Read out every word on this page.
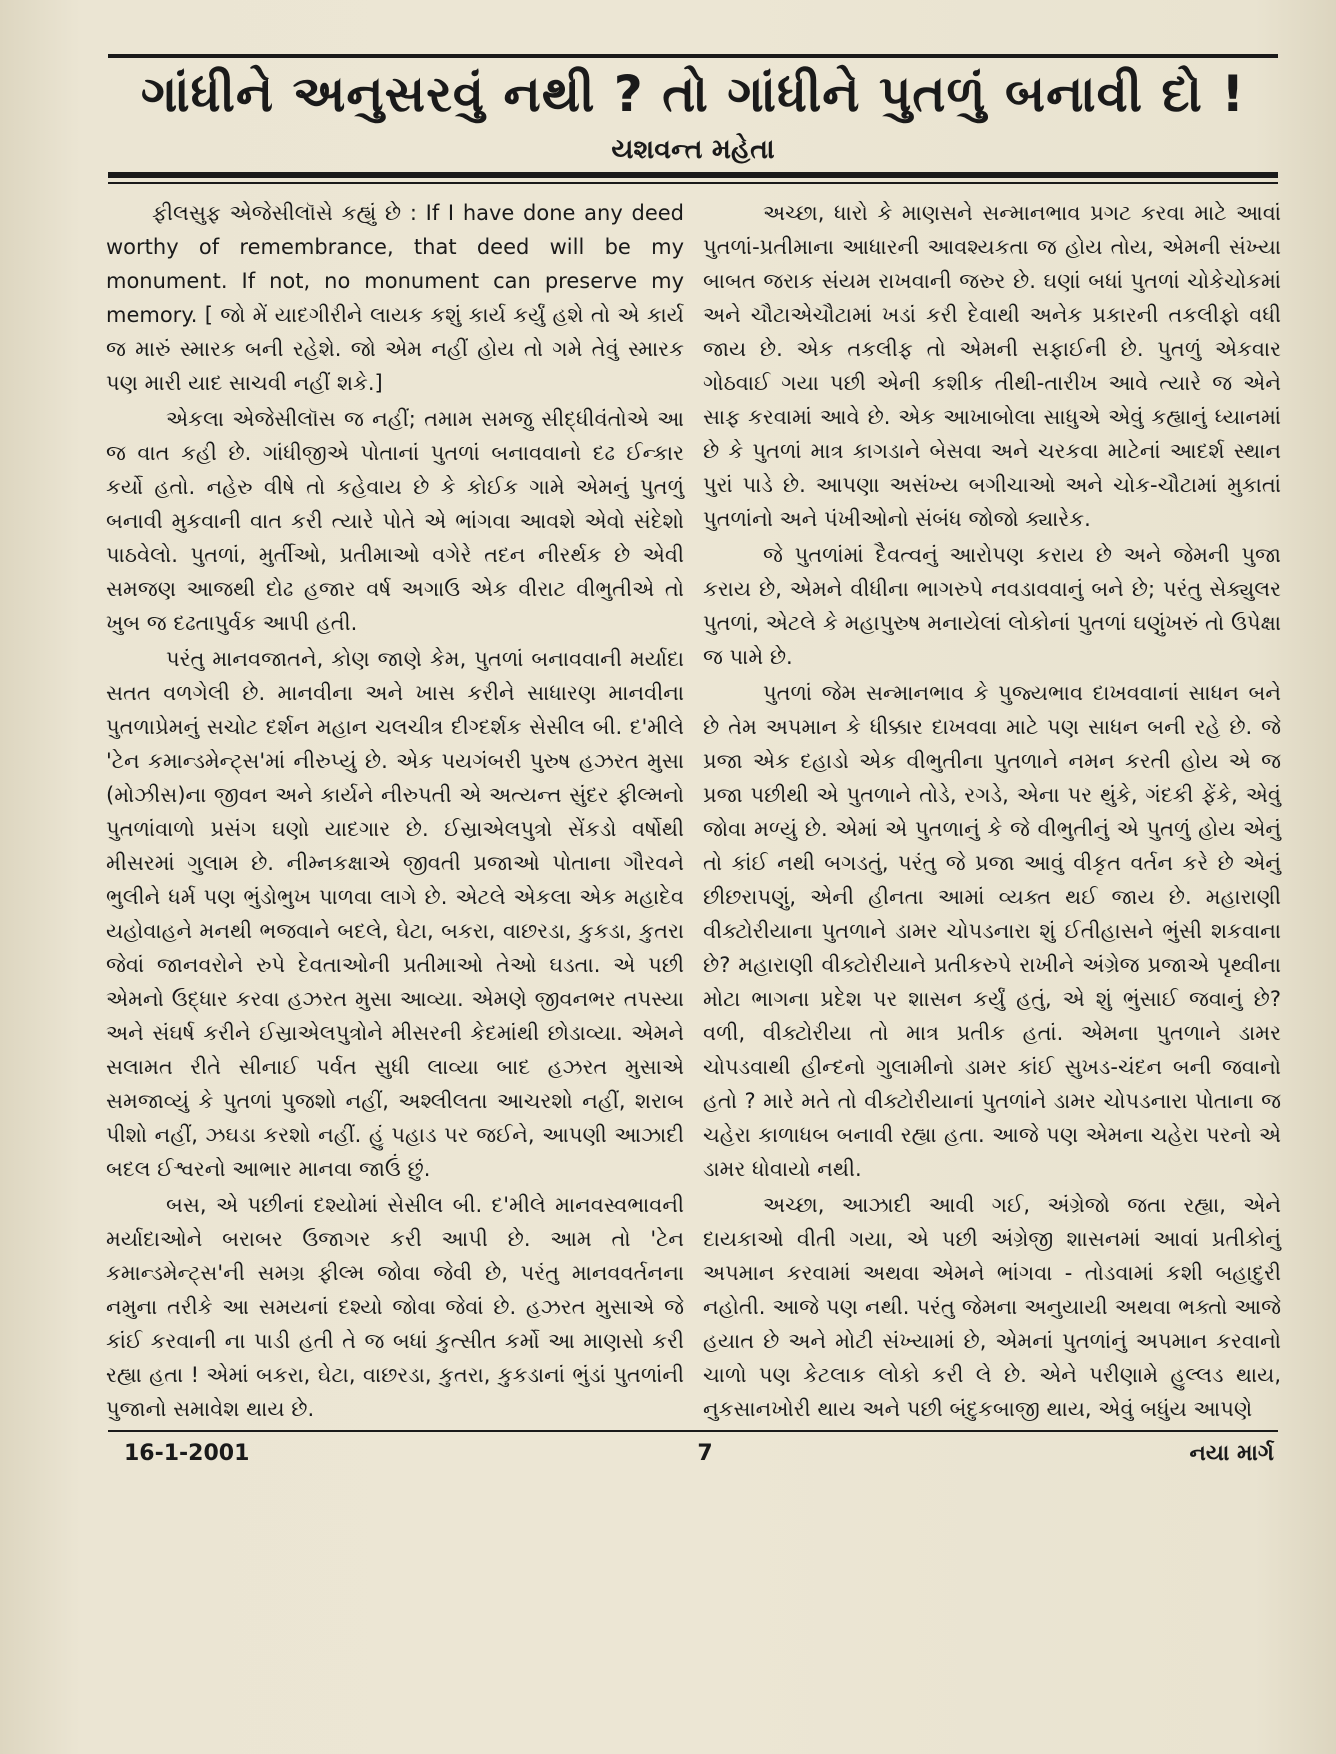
ગાંધીને અનુસરવું નથી ? તો ગાંધીને પુતળું બનાવી દો !
યશવન્ત મહેતા

ફીલસુફ એજેસીલૉસે કહ્યું છે : If I have done any deed worthy of remembrance, that deed will be my monument. If not, no monument can preserve my memory. [ જો મેં યાદગીરીને લાયક કશું કાર્ય કર્યું હશે તો એ કાર્ય જ મારું સ્મારક બની રહેશે. જો એમ નહીં હોય તો ગમે તેવું સ્મારક પણ મારી યાદ સાચવી નહીં શકે.]

એકલા એજેસીલૉસ જ નહીં; તમામ સમજુ સીદ્ધીવંતોએ આ જ વાત કહી છે. ગાંધીજીએ પોતાનાં પુતળાં બનાવવાનો દઢ ઈન્કાર કર્યો હતો. નહેરુ વીષે તો કહેવાય છે કે કોઈક ગામે એમનું પુતળું બનાવી મુકવાની વાત કરી ત્યારે પોતે એ ભાંગવા આવશે એવો સંદેશો પાઠવેલો. પુતળાં, મુર્તીઓ, પ્રતીમાઓ વગેરે તદન નીરર્થક છે એવી સમજણ આજથી દોઢ હજાર વર્ષ અગાઉ એક વીરાટ વીભુતીએ તો ખુબ જ દઢતાપુર્વક આપી હતી.

પરંતુ માનવજાતને, કોણ જાણે કેમ, પુતળાં બનાવવાની મર્યાદા સતત વળગેલી છે. માનવીના અને ખાસ કરીને સાધારણ માનવીના પુતળાપ્રેમનું સચોટ દર્શન મહાન ચલચીત્ર દીગ્દર્શક સેસીલ બી. દ'મીલે 'ટેન કમાન્ડમેન્ટ્સ'માં નીરુપ્યું છે. એક પયગંબરી પુરુષ હઝરત મુસા (મોઝીસ)ના જીવન અને કાર્યને નીરુપતી એ અત્યન્ત સુંદર ફીલ્મનો પુતળાંવાળો પ્રસંગ ઘણો યાદગાર છે. ઈસ્રાએલપુત્રો સેંકડો વર્ષોથી મીસરમાં ગુલામ છે. નીમ્નકક્ષાએ જીવતી પ્રજાઓ પોતાના ગૌરવને ભુલીને ધર્મ પણ ભુંડોભુખ પાળવા લાગે છે. એટલે એકલા એક મહાદેવ યહોવાહને મનથી ભજવાને બદલે, ઘેટા, બકરા, વાછરડા, કુકડા, કુતરા જેવાં જાનવરોને રુપે દેવતાઓની પ્રતીમાઓ તેઓ ઘડતા. એ પછી એમનો ઉદ્ધાર કરવા હઝરત મુસા આવ્યા. એમણે જીવનભર તપસ્યા અને સંઘર્ષ કરીને ઈસ્રાએલપુત્રોને મીસરની કેદમાંથી છોડાવ્યા. એમને સલામત રીતે સીનાઈ પર્વત સુધી લાવ્યા બાદ હઝરત મુસાએ સમજાવ્યું કે પુતળાં પુજશો નહીં, અશ્લીલતા આચરશો નહીં, શરાબ પીશો નહીં, ઝઘડા કરશો નહીં. હું પહાડ પર જઈને, આપણી આઝાદી બદલ ઈશ્વરનો આભાર માનવા જાઉં છું.

બસ, એ પછીનાં દશ્યોમાં સેસીલ બી. દ'મીલે માનવસ્વભાવની મર્યાદાઓને બરાબર ઉજાગર કરી આપી છે. આમ તો 'ટેન કમાન્ડમેન્ટ્સ'ની સમગ્ર ફીલ્મ જોવા જેવી છે, પરંતુ માનવવર્તનના નમુના તરીકે આ સમયનાં દશ્યો જોવા જેવાં છે. હઝરત મુસાએ જે કાંઈ કરવાની ના પાડી હતી તે જ બધાં કુત્સીત કર્મો આ માણસો કરી રહ્યા હતા ! એમાં બકરા, ઘેટા, વાછરડા, કુતરા, કુકડાનાં ભુંડાં પુતળાંની પુજાનો સમાવેશ થાય છે.

અચ્છા, ધારો કે માણસને સન્માનભાવ પ્રગટ કરવા માટે આવાં પુતળાં-પ્રતીમાના આધારની આવશ્યકતા જ હોય તોય, એમની સંખ્યા બાબત જરાક સંયમ રાખવાની જરુર છે. ઘણાં બધાં પુતળાં ચોકેચોકમાં અને ચૌટાએચૌટામાં ખડાં કરી દેવાથી અનેક પ્રકારની તકલીફો વધી જાય છે. એક તકલીફ તો એમની સફાઈની છે. પુતળું એકવાર ગોઠવાઈ ગયા પછી એની કશીક તીથી-તારીખ આવે ત્યારે જ એને સાફ કરવામાં આવે છે. એક આખાબોલા સાધુએ એવું કહ્યાનું ધ્યાનમાં છે કે પુતળાં માત્ર કાગડાને બેસવા અને ચરકવા માટેનાં આદર્શ સ્થાન પુરાં પાડે છે. આપણા અસંખ્ય બગીચાઓ અને ચોક-ચૌટામાં મુકાતાં પુતળાંનો અને પંખીઓનો સંબંધ જોજો ક્યારેક.

જે પુતળાંમાં દૈવત્વનું આરોપણ કરાય છે અને જેમની પુજા કરાય છે, એમને વીધીના ભાગરુપે નવડાવવાનું બને છે; પરંતુ સેક્યુલર પુતળાં, એટલે કે મહાપુરુષ મનાયેલાં લોકોનાં પુતળાં ઘણુંખરું તો ઉપેક્ષા જ પામે છે.

પુતળાં જેમ સન્માનભાવ કે પુજ્યભાવ દાખવવાનાં સાધન બને છે તેમ અપમાન કે ધીક્કાર દાખવવા માટે પણ સાધન બની રહે છે. જે પ્રજા એક દહાડો એક વીભુતીના પુતળાને નમન કરતી હોય એ જ પ્રજા પછીથી એ પુતળાને તોડે, રગડે, એના પર થુંકે, ગંદકી ફેંકે, એવું જોવા મળ્યું છે. એમાં એ પુતળાનું કે જે વીભુતીનું એ પુતળું હોય એનું તો કાંઈ નથી બગડતું, પરંતુ જે પ્રજા આવું વીકૃત વર્તન કરે છે એનું છીછરાપણું, એની હીનતા આમાં વ્યક્ત થઈ જાય છે. મહારાણી વીક્ટોરીયાના પુતળાને ડામર ચોપડનારા શું ઈતીહાસને ભુંસી શકવાના છે? મહારાણી વીક્ટોરીયાને પ્રતીકરુપે રાખીને અંગ્રેજ પ્રજાએ પૃથ્વીના મોટા ભાગના પ્રદેશ પર શાસન કર્યું હતું, એ શું ભુંસાઈ જવાનું છે? વળી, વીક્ટોરીયા તો માત્ર પ્રતીક હતાં. એમના પુતળાને ડામર ચોપડવાથી હીન્દનો ગુલામીનો ડામર કાંઈ સુખડ-ચંદન બની જવાનો હતો ? મારે મતે તો વીક્ટોરીયાનાં પુતળાંને ડામર ચોપડનારા પોતાના જ ચહેરા કાળાધબ બનાવી રહ્યા હતા. આજે પણ એમના ચહેરા પરનો એ ડામર ધોવાયો નથી.

અચ્છા, આઝાદી આવી ગઈ, અંગ્રેજો જતા રહ્યા, એને દાયકાઓ વીતી ગયા, એ પછી અંગ્રેજી શાસનમાં આવાં પ્રતીકોનું અપમાન કરવામાં અથવા એમને ભાંગવા - તોડવામાં કશી બહાદુરી નહોતી. આજે પણ નથી. પરંતુ જેમના અનુયાયી અથવા ભક્તો આજે હયાત છે અને મોટી સંખ્યામાં છે, એમનાં પુતળાંનું અપમાન કરવાનો ચાળો પણ કેટલાક લોકો કરી લે છે. એને પરીણામે હુલ્લડ થાય, નુકસાનખોરી થાય અને પછી બંદુકબાજી થાય, એવું બધુંય આપણે

16-1-2001	7	નયા માર્ગ
